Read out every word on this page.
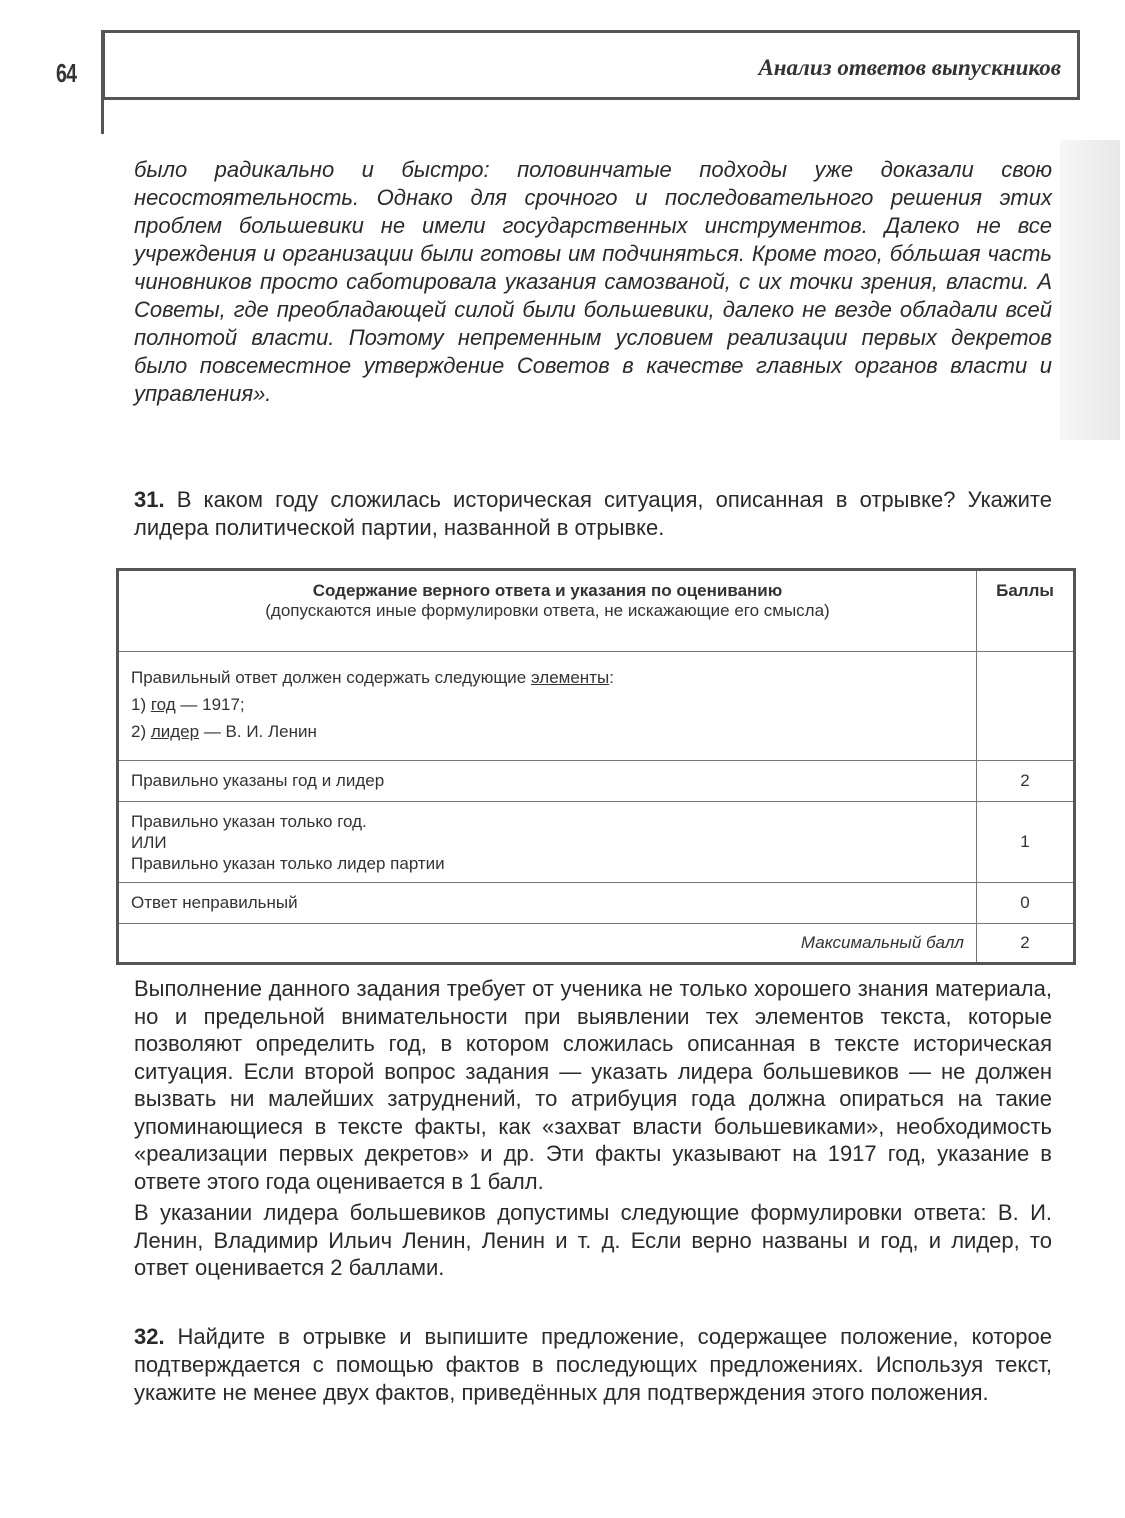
64	Анализ ответов выпускников

было радикально и быстро: половинчатые подходы уже доказали свою несостоятельность. Однако для срочного и последовательного решения этих проблем большевики не имели государственных инструментов. Далеко не все учреждения и организации были готовы им подчиняться. Кроме того, бóльшая часть чиновников просто саботировала указания самозваной, с их точки зрения, власти. А Советы, где преобладающей силой были большевики, далеко не везде обладали всей полнотой власти. Поэтому непременным условием реализации первых декретов было повсеместное утверждение Советов в качестве главных органов власти и управления».

31. В каком году сложилась историческая ситуация, описанная в отрывке? Укажите лидера политической партии, названной в отрывке.

Содержание верного ответа и указания по оцениванию
(допускаются иные формулировки ответа, не искажающие его смысла)	Баллы

Правильный ответ должен содержать следующие элементы:
1) год — 1917;
2) лидер — В. И. Ленин	

Правильно указаны год и лидер	2

Правильно указан только год.
ИЛИ
Правильно указан только лидер партии	1
Ответ неправильный	0
Максимальный балл	2

Выполнение данного задания требует от ученика не только хорошего знания материала, но и предельной внимательности при выявлении тех элементов текста, которые позволяют определить год, в котором сложилась описанная в тексте историческая ситуация. Если второй вопрос задания — указать лидера большевиков — не должен вызвать ни малейших затруднений, то атрибуция года должна опираться на такие упоминающиеся в тексте факты, как «захват власти большевиками», необходимость «реализации первых декретов» и др. Эти факты указывают на 1917 год, указание в ответе этого года оценивается в 1 балл.

В указании лидера большевиков допустимы следующие формулировки ответа: В. И. Ленин, Владимир Ильич Ленин, Ленин и т. д. Если верно названы и год, и лидер, то ответ оценивается 2 баллами.

32. Найдите в отрывке и выпишите предложение, содержащее положение, которое подтверждается с помощью фактов в последующих предложениях. Используя текст, укажите не менее двух фактов, приведённых для подтверждения этого положения.
